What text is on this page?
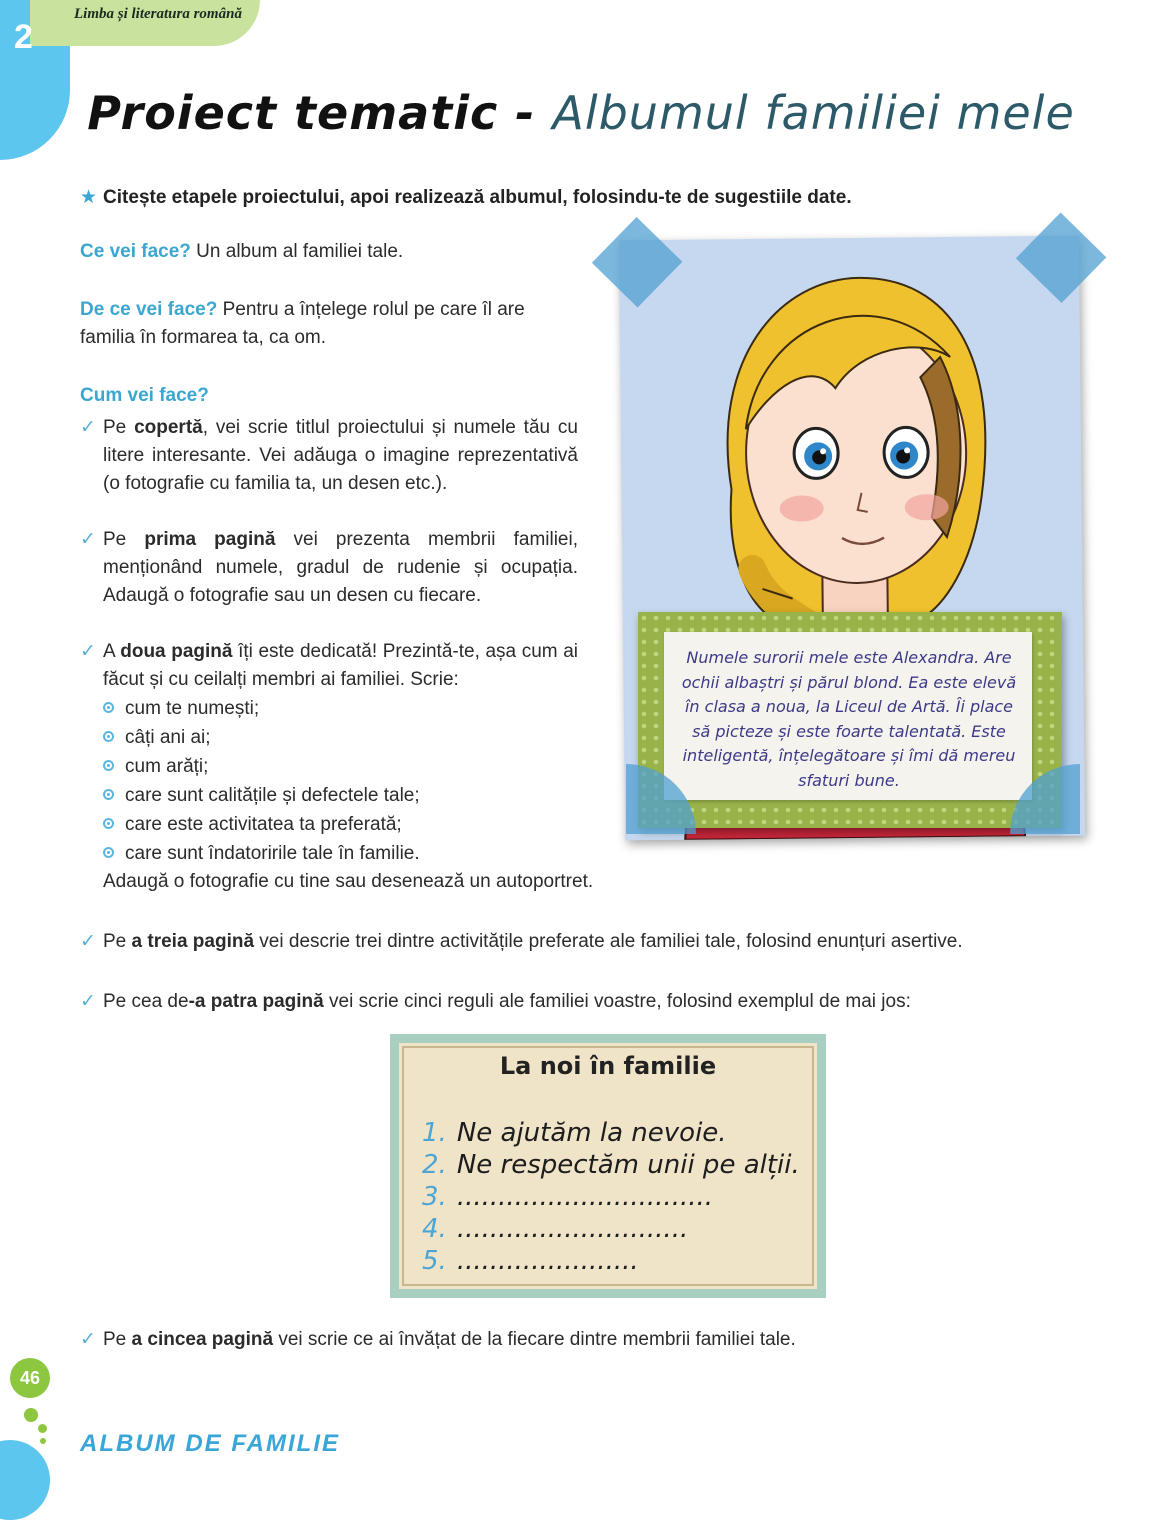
2
Limba și literatura română
Proiect tematic - Albumul familiei mele
★ Citește etapele proiectului, apoi realizează albumul, folosindu-te de sugestiile date.
Ce vei face? Un album al familiei tale.
De ce vei face? Pentru a înțelege rolul pe care îl are familia în formarea ta, ca om.
Cum vei face?
✓ Pe copertă, vei scrie titlul proiectului și numele tău cu litere interesante. Vei adăuga o imagine reprezentativă (o fotografie cu familia ta, un desen etc.).
✓ Pe prima pagină vei prezenta membrii familiei, menționând numele, gradul de rudenie și ocupația. Adaugă o fotografie sau un desen cu fiecare.
✓ A doua pagină îți este dedicată! Prezintă-te, așa cum ai făcut și cu ceilalți membri ai familiei. Scrie:
cum te numești;
câți ani ai;
cum arăți;
care sunt calitățile și defectele tale;
care este activitatea ta preferată;
care sunt îndatoririle tale în familie.
Adaugă o fotografie cu tine sau desenează un autoportret.
✓ Pe a treia pagină vei descrie trei dintre activitățile preferate ale familiei tale, folosind enunțuri asertive.
✓ Pe cea de-a patra pagină vei scrie cinci reguli ale familiei voastre, folosind exemplul de mai jos:
Numele surorii mele este Alexandra. Are ochii albaștri și părul blond. Ea este elevă în clasa a noua, la Liceul de Artă. Îi place să picteze și este foarte talentată. Este inteligentă, înțelegătoare și îmi dă mereu sfaturi bune.
La noi în familie
1. Ne ajutăm la nevoie.
2. Ne respectăm unii pe alții.
3. ...............................
4. ............................
5. ......................
✓ Pe a cincea pagină vei scrie ce ai învățat de la fiecare dintre membrii familiei tale.
46
ALBUM DE FAMILIE
